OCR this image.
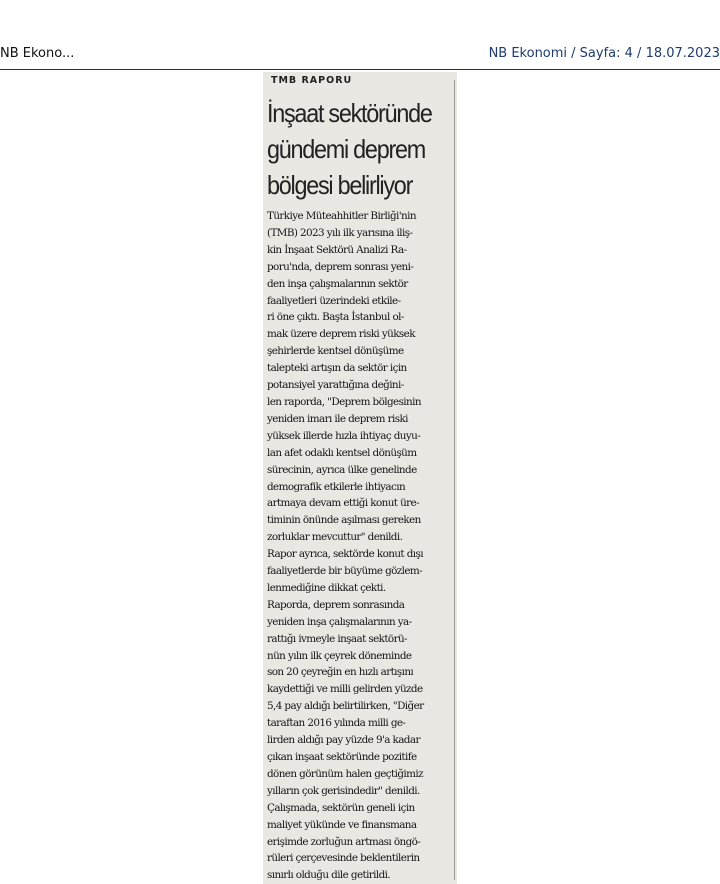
NB Ekono...	NB Ekonomi / Sayfa: 4 / 18.07.2023
TMB RAPORU
İnşaat sektöründe
gündemi deprem
bölgesi belirliyor
Türkiye Müteahhitler Birliği'nin
(TMB) 2023 yılı ilk yarısına iliş-
kin İnşaat Sektörü Analizi Ra-
poru'nda, deprem sonrası yeni-
den inşa çalışmalarının sektör
faaliyetleri üzerindeki etkile-
ri öne çıktı. Başta İstanbul ol-
mak üzere deprem riski yüksek
şehirlerde kentsel dönüşüme
talepteki artışın da sektör için
potansiyel yarattığına değini-
len raporda, "Deprem bölgesinin
yeniden imarı ile deprem riski
yüksek illerde hızla ihtiyaç duyu-
lan afet odaklı kentsel dönüşüm
sürecinin, ayrıca ülke genelinde
demografik etkilerle ihtiyacın
artmaya devam ettiği konut üre-
timinin önünde aşılması gereken
zorluklar mevcuttur" denildi.
Rapor ayrıca, sektörde konut dışı
faaliyetlerde bir büyüme gözlem-
lenmediğine dikkat çekti.
Raporda, deprem sonrasında
yeniden inşa çalışmalarının ya-
rattığı ivmeyle inşaat sektörü-
nün yılın ilk çeyrek döneminde
son 20 çeyreğin en hızlı artışını
kaydettiği ve milli gelirden yüzde
5,4 pay aldığı belirtilirken, "Diğer
taraftan 2016 yılında milli ge-
lirden aldığı pay yüzde 9'a kadar
çıkan inşaat sektöründe pozitife
dönen görünüm halen geçtiğimiz
yılların çok gerisindedir" denildi.
Çalışmada, sektörün geneli için
maliyet yükünde ve finansmana
erişimde zorluğun artması öngö-
rüleri çerçevesinde beklentilerin
sınırlı olduğu dile getirildi.
